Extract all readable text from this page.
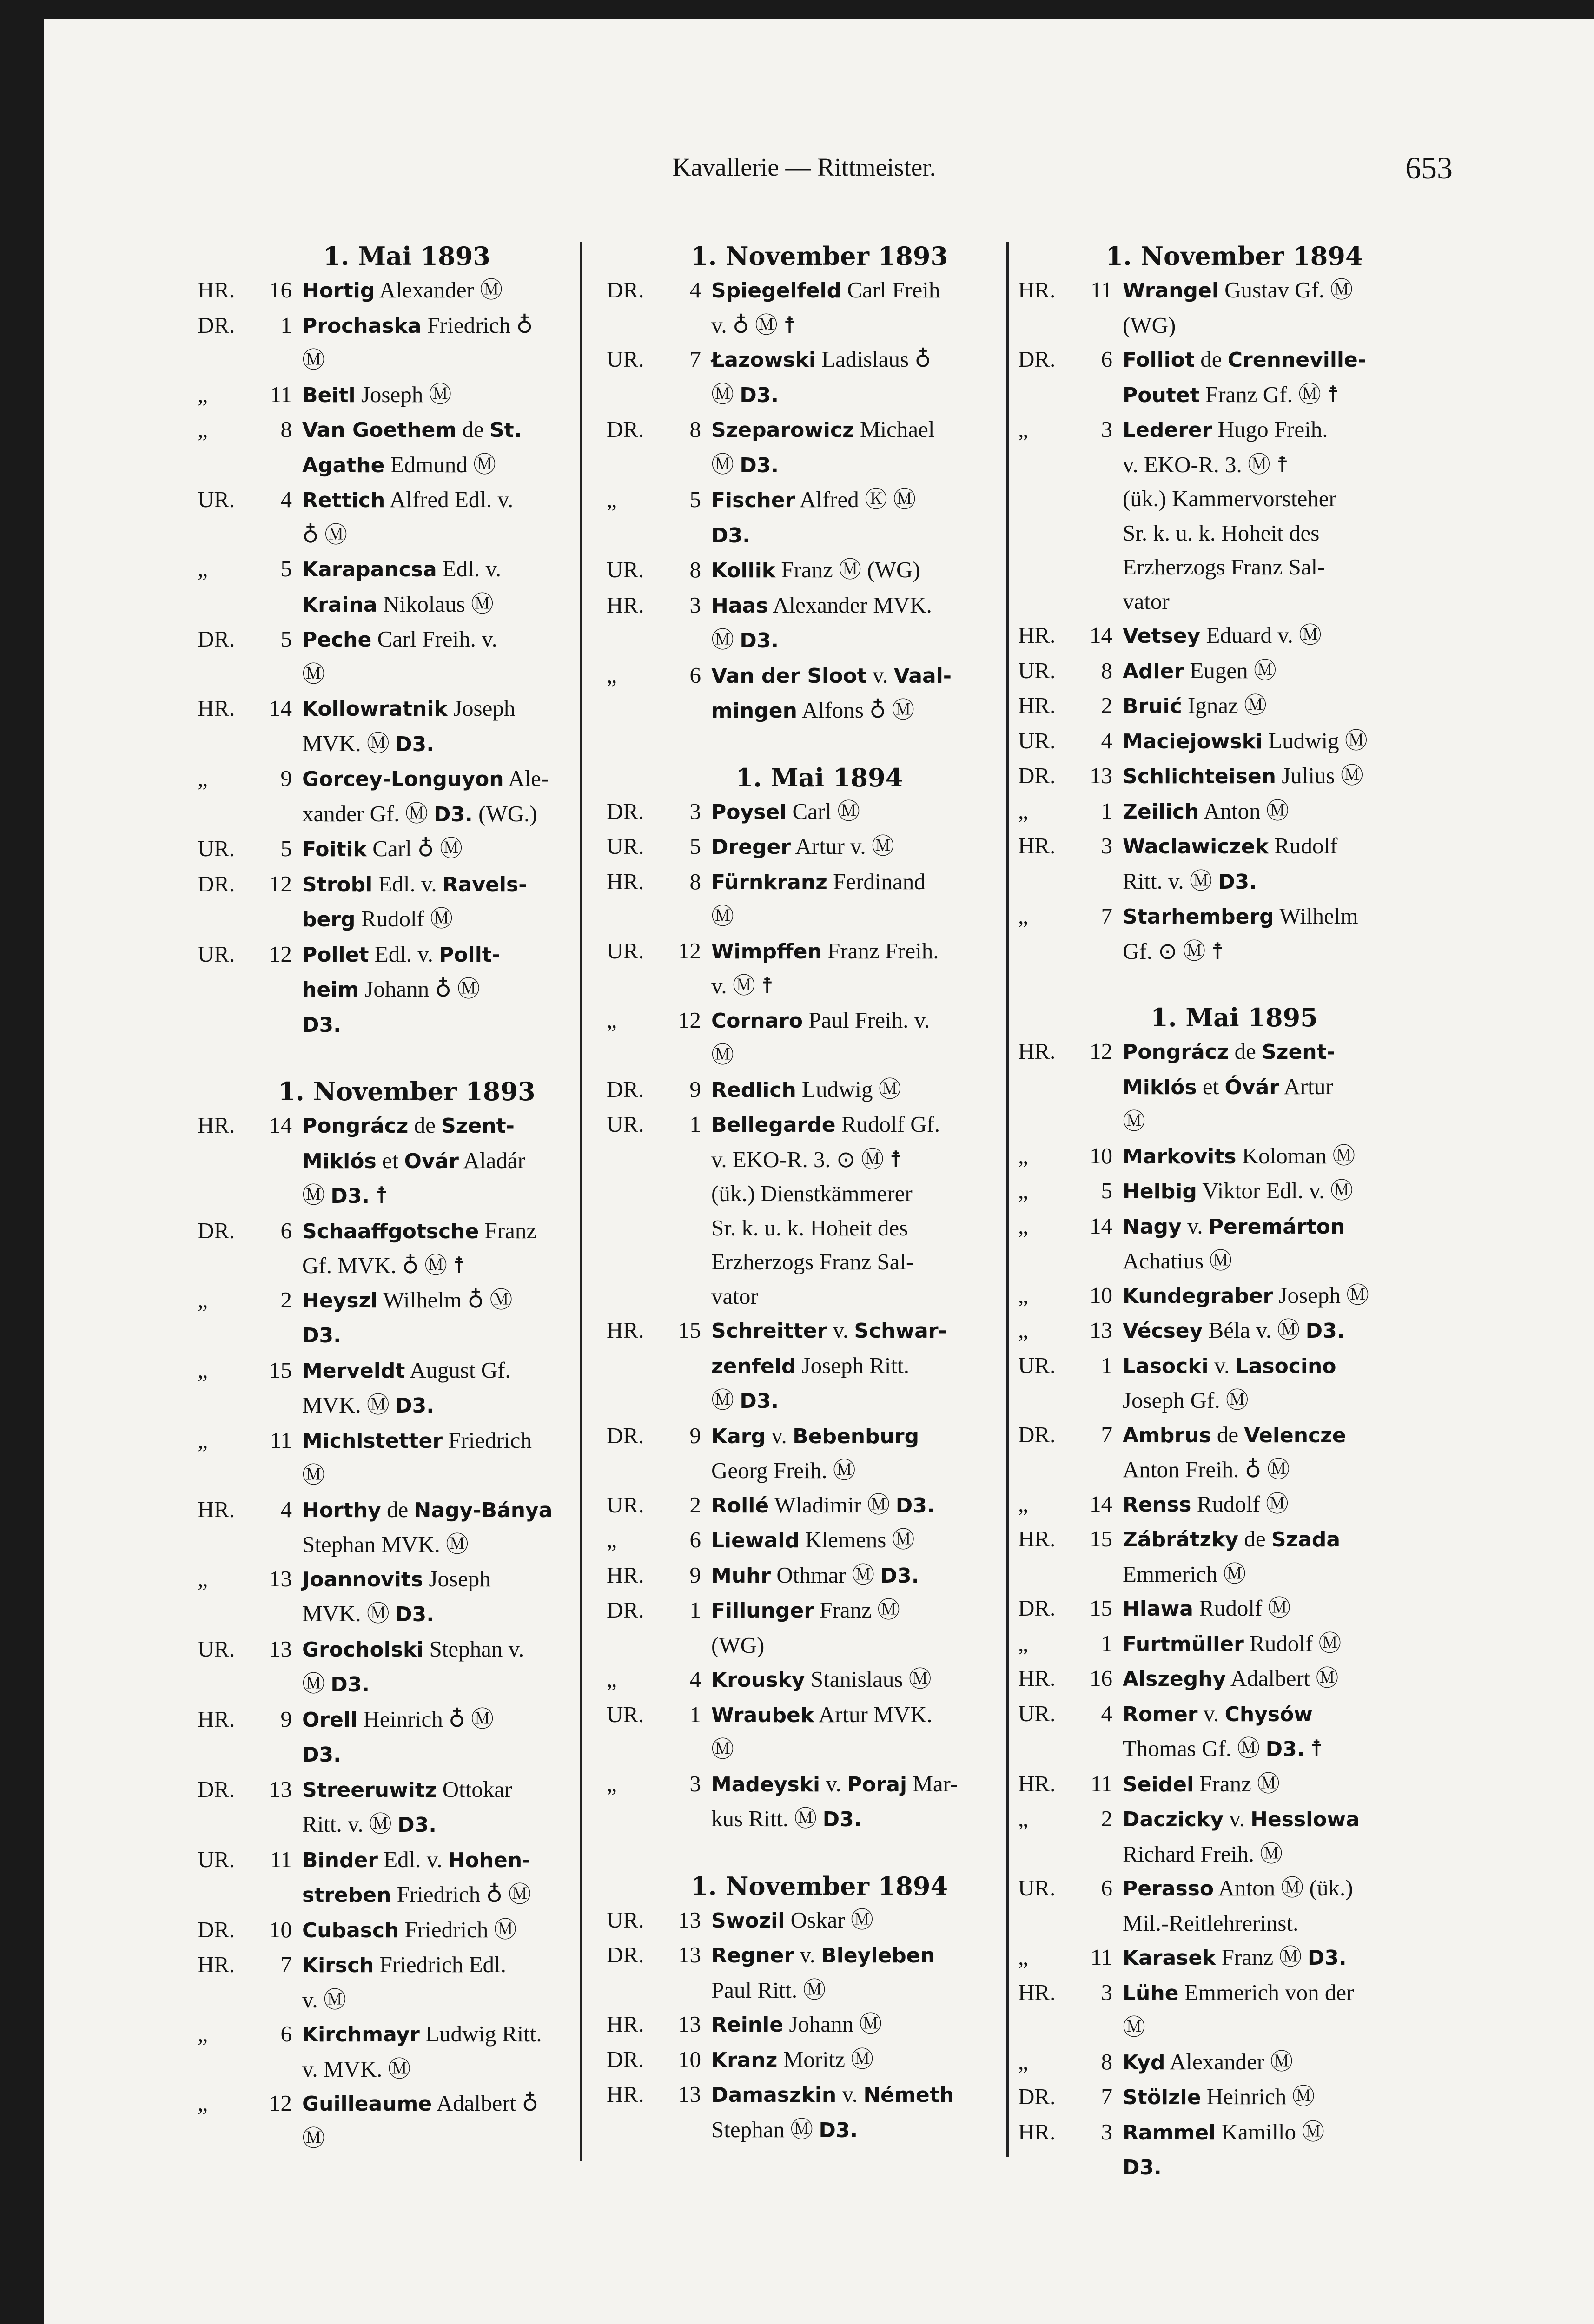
Kavallerie — Rittmeister.	653
1. Mai 1893
HR.	16 Hortig Alexander Ⓜ
DR.	1 Prochaska Friedrich ♁
Ⓜ
„	11 Beitl Joseph Ⓜ
„	8 Van Goethem de St.
Agathe Edmund Ⓜ
UR.	4 Rettich Alfred Edl. v.
♁ Ⓜ
„	5 Karapancsa Edl. v.
Kraina Nikolaus Ⓜ
DR.	5 Peche Carl Freih. v.
Ⓜ
HR.	14 Kollowratnik Joseph
MVK. Ⓜ D3.
„	9 Gorcey-Longuyon Ale-
xander Gf. Ⓜ D3. (WG.)
UR.	5 Foitik Carl ♁ Ⓜ
DR.	12 Strobl Edl. v. Ravels-
berg Rudolf Ⓜ
UR.	12 Pollet Edl. v. Pollt-
heim Johann ♁ Ⓜ
D3.
1. November 1893
HR.	14 Pongrácz de Szent-
Miklós et Ovár Aladár
Ⓜ D3. ☨
DR.	6 Schaaffgotsche Franz
Gf. MVK. ♁ Ⓜ ☨
„	2 Heyszl Wilhelm ♁ Ⓜ
D3.
„	15 Merveldt August Gf.
MVK. Ⓜ D3.
„	11 Michlstetter Friedrich
Ⓜ
HR.	4 Horthy de Nagy-Bánya
Stephan MVK. Ⓜ
„	13 Joannovits Joseph
MVK. Ⓜ D3.
UR.	13 Grocholski Stephan v.
Ⓜ D3.
HR.	9 Orell Heinrich ♁ Ⓜ
D3.
DR.	13 Streeruwitz Ottokar
Ritt. v. Ⓜ D3.
UR.	11 Binder Edl. v. Hohen-
streben Friedrich ♁ Ⓜ
DR.	10 Cubasch Friedrich Ⓜ
HR.	7 Kirsch Friedrich Edl.
v. Ⓜ
„	6 Kirchmayr Ludwig Ritt.
v. MVK. Ⓜ
„	12 Guilleaume Adalbert ♁
Ⓜ
1. November 1893
DR.	4 Spiegelfeld Carl Freih
v. ♁ Ⓜ ☨
UR.	7 Łazowski Ladislaus ♁
Ⓜ D3.
DR.	8 Szeparowicz Michael
Ⓜ D3.
„	5 Fischer Alfred Ⓚ Ⓜ
D3.
UR.	8 Kollik Franz Ⓜ (WG)
HR.	3 Haas Alexander MVK.
Ⓜ D3.
„	6 Van der Sloot v. Vaal-
mingen Alfons ♁ Ⓜ
1. Mai 1894
DR.	3 Poysel Carl Ⓜ
UR.	5 Dreger Artur v. Ⓜ
HR.	8 Fürnkranz Ferdinand
Ⓜ
UR.	12 Wimpffen Franz Freih.
v. Ⓜ ☨
„	12 Cornaro Paul Freih. v.
Ⓜ
DR.	9 Redlich Ludwig Ⓜ
UR.	1 Bellegarde Rudolf Gf.
v. EKO-R. 3. ⊙ Ⓜ ☨
(ük.) Dienstkämmerer
Sr. k. u. k. Hoheit des
Erzherzogs Franz Sal-
vator
HR.	15 Schreitter v. Schwar-
zenfeld Joseph Ritt.
Ⓜ D3.
DR.	9 Karg v. Bebenburg
Georg Freih. Ⓜ
UR.	2 Rollé Wladimir Ⓜ D3.
„	6 Liewald Klemens Ⓜ
HR.	9 Muhr Othmar Ⓜ D3.
DR.	1 Fillunger Franz Ⓜ
(WG)
„	4 Krousky Stanislaus Ⓜ
UR.	1 Wraubek Artur MVK.
Ⓜ
„	3 Madeyski v. Poraj Mar-
kus Ritt. Ⓜ D3.
1. November 1894
UR.	13 Swozil Oskar Ⓜ
DR.	13 Regner v. Bleyleben
Paul Ritt. Ⓜ
HR.	13 Reinle Johann Ⓜ
DR.	10 Kranz Moritz Ⓜ
HR.	13 Damaszkin v. Németh
Stephan Ⓜ D3.
1. November 1894
HR.	11 Wrangel Gustav Gf. Ⓜ
(WG)
DR.	6 Folliot de Crenneville-
Poutet Franz Gf. Ⓜ ☨
„	3 Lederer Hugo Freih.
v. EKO-R. 3. Ⓜ ☨
(ük.) Kammervorsteher
Sr. k. u. k. Hoheit des
Erzherzogs Franz Sal-
vator
HR.	14 Vetsey Eduard v. Ⓜ
UR.	8 Adler Eugen Ⓜ
HR.	2 Bruić Ignaz Ⓜ
UR.	4 Maciejowski Ludwig Ⓜ
DR.	13 Schlichteisen Julius Ⓜ
„	1 Zeilich Anton Ⓜ
HR.	3 Waclawiczek Rudolf
Ritt. v. Ⓜ D3.
„	7 Starhemberg Wilhelm
Gf. ⊙ Ⓜ ☨
1. Mai 1895
HR.	12 Pongrácz de Szent-
Miklós et Óvár Artur
Ⓜ
„	10 Markovits Koloman Ⓜ
„	5 Helbig Viktor Edl. v. Ⓜ
„	14 Nagy v. Peremárton
Achatius Ⓜ
„	10 Kundegraber Joseph Ⓜ
„	13 Vécsey Béla v. Ⓜ D3.
UR.	1 Lasocki v. Lasocino
Joseph Gf. Ⓜ
DR.	7 Ambrus de Velencze
Anton Freih. ♁ Ⓜ
„	14 Renss Rudolf Ⓜ
HR.	15 Zábrátzky de Szada
Emmerich Ⓜ
DR.	15 Hlawa Rudolf Ⓜ
„	1 Furtmüller Rudolf Ⓜ
HR.	16 Alszeghy Adalbert Ⓜ
UR.	4 Romer v. Chysów
Thomas Gf. Ⓜ D3. ☨
HR.	11 Seidel Franz Ⓜ
„	2 Daczicky v. Hesslowa
Richard Freih. Ⓜ
UR.	6 Perasso Anton Ⓜ (ük.)
Mil.-Reitlehrerinst.
„	11 Karasek Franz Ⓜ D3.
HR.	3 Lühe Emmerich von der
Ⓜ
„	8 Kyd Alexander Ⓜ
DR.	7 Stölzle Heinrich Ⓜ
HR.	3 Rammel Kamillo Ⓜ
D3.
